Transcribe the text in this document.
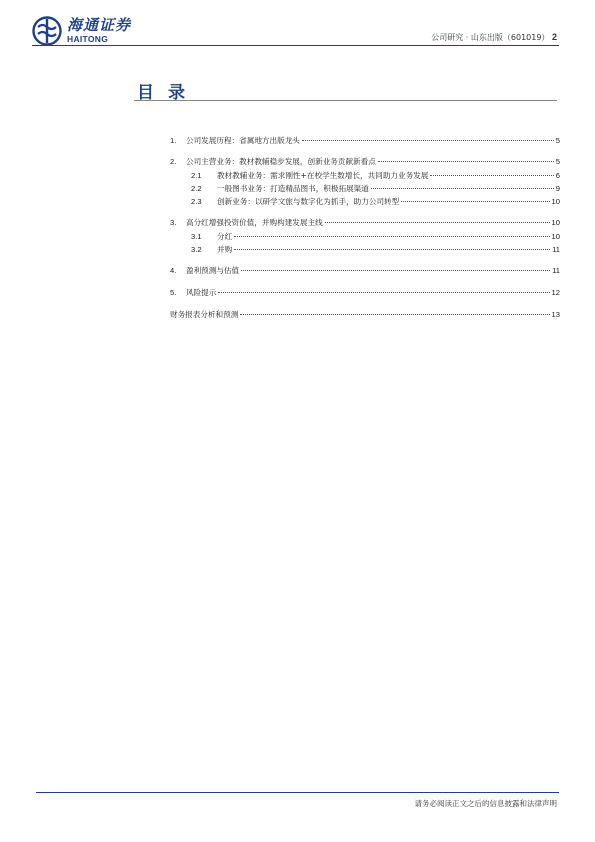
海通证券
HAITONG	公司研究 · 山东出版（601019） 2
目录
1.	公司发展历程：省属地方出版龙头	5
2.	公司主营业务：教材教辅稳步发展，创新业务贡献新看点	5
2.1	教材教辅业务：需求刚性+在校学生数增长，共同助力业务发展	6
2.2	一般图书业务：打造精品图书，积极拓展渠道	9
2.3	创新业务：以研学文旅与数字化为抓手，助力公司转型	10
3.	高分红增强投资价值，并购构建发展主线	10
3.1	分红	10
3.2	并购	11
4.	盈利预测与估值	11
5.	风险提示	12
财务报表分析和预测	13
请务必阅读正文之后的信息披露和法律声明
